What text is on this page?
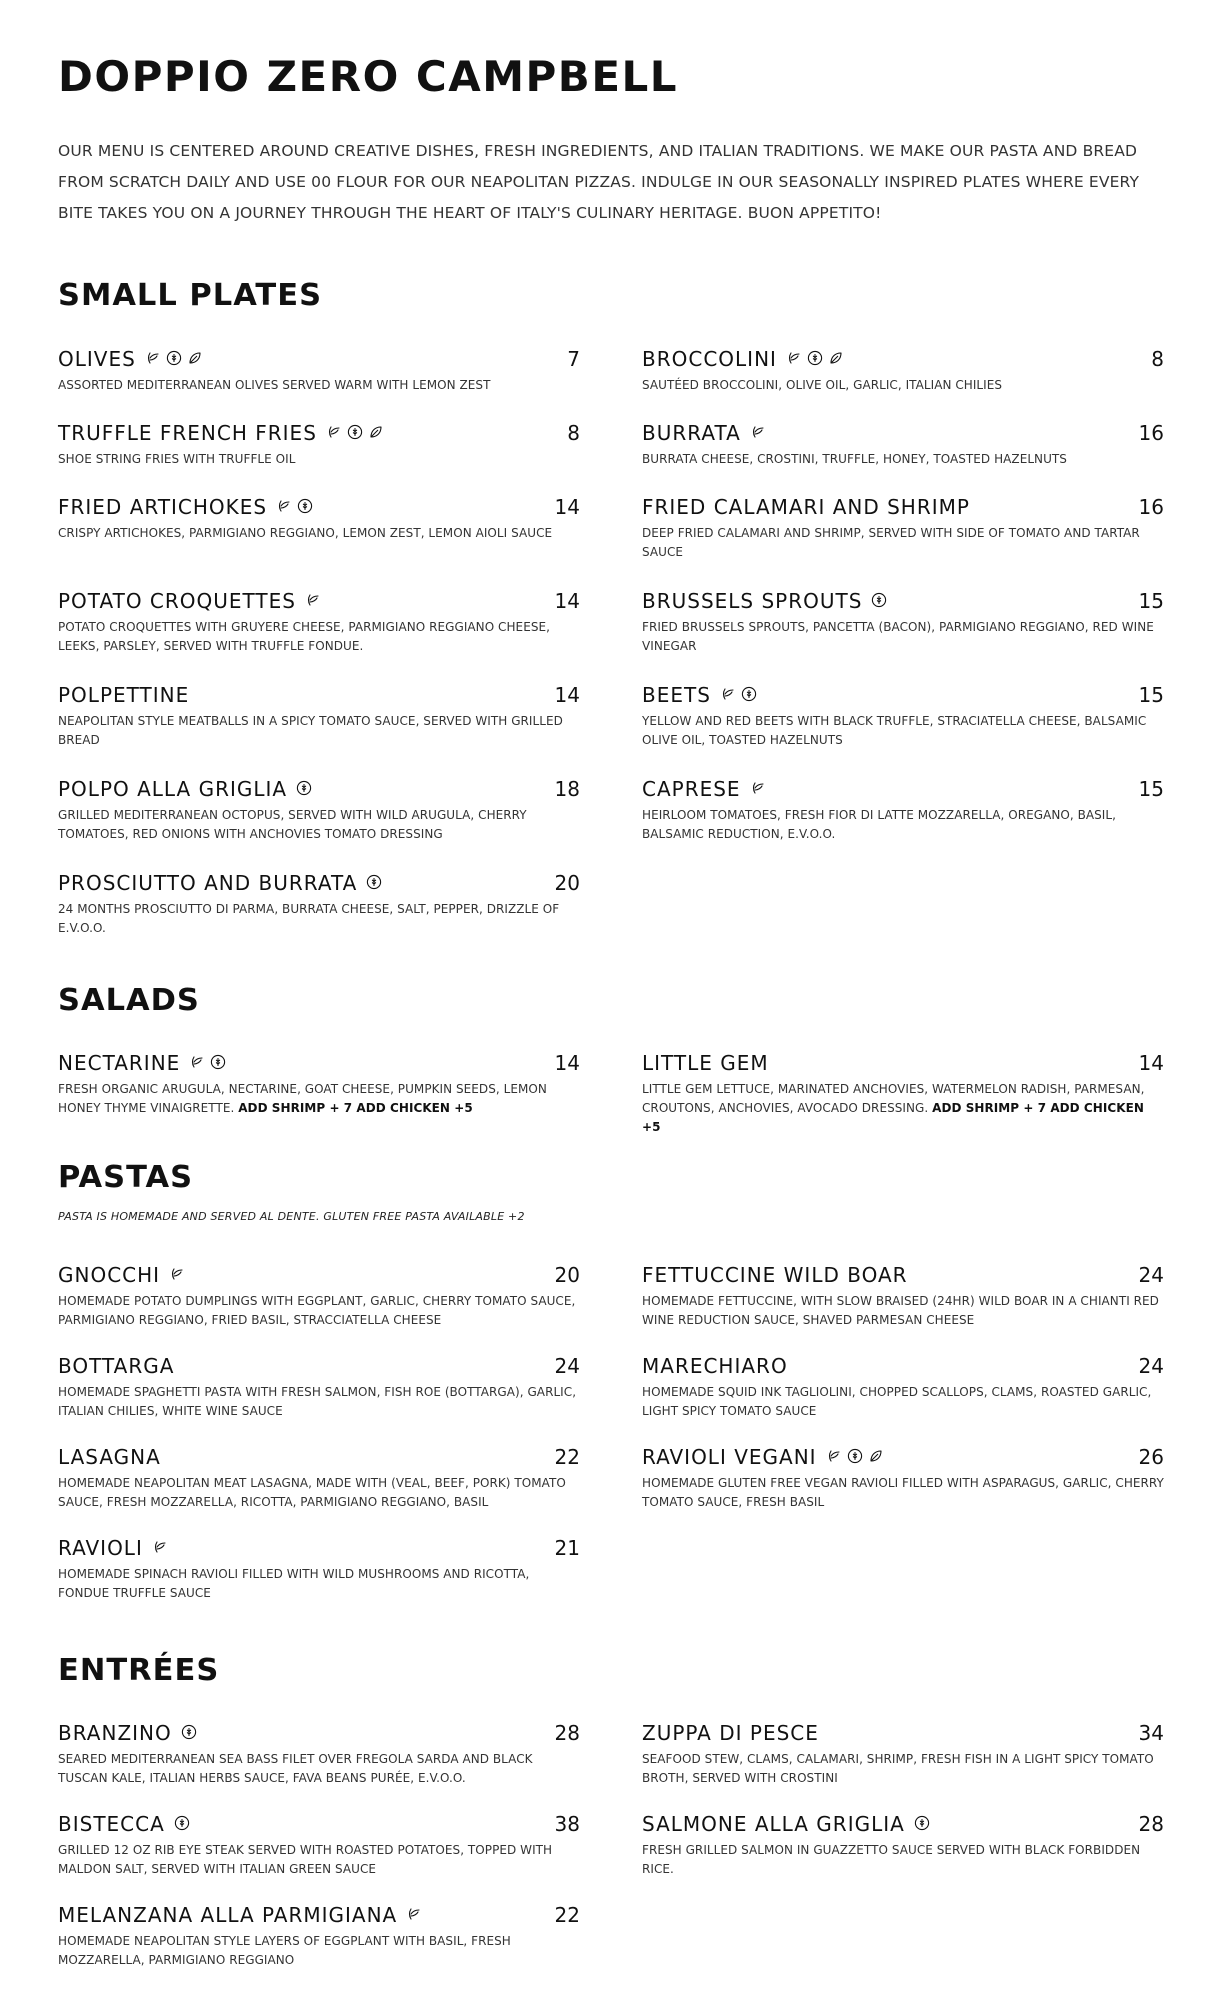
DOPPIO ZERO CAMPBELL

OUR MENU IS CENTERED AROUND CREATIVE DISHES, FRESH INGREDIENTS, AND ITALIAN TRADITIONS. WE MAKE OUR PASTA AND BREAD FROM SCRATCH DAILY AND USE 00 FLOUR FOR OUR NEAPOLITAN PIZZAS. INDULGE IN OUR SEASONALLY INSPIRED PLATES WHERE EVERY BITE TAKES YOU ON A JOURNEY THROUGH THE HEART OF ITALY'S CULINARY HERITAGE. BUON APPETITO!

SMALL PLATES
OLIVES	7
ASSORTED MEDITERRANEAN OLIVES SERVED WARM WITH LEMON ZEST
BROCCOLINI	8
SAUTÉED BROCCOLINI, OLIVE OIL, GARLIC, ITALIAN CHILIES
TRUFFLE FRENCH FRIES	8
SHOE STRING FRIES WITH TRUFFLE OIL
BURRATA	16
BURRATA CHEESE, CROSTINI, TRUFFLE, HONEY, TOASTED HAZELNUTS
FRIED ARTICHOKES	14
CRISPY ARTICHOKES, PARMIGIANO REGGIANO, LEMON ZEST, LEMON AIOLI SAUCE
FRIED CALAMARI AND SHRIMP	16
DEEP FRIED CALAMARI AND SHRIMP, SERVED WITH SIDE OF TOMATO AND TARTAR SAUCE
POTATO CROQUETTES	14
POTATO CROQUETTES WITH GRUYERE CHEESE, PARMIGIANO REGGIANO CHEESE, LEEKS, PARSLEY, SERVED WITH TRUFFLE FONDUE.
BRUSSELS SPROUTS	15
FRIED BRUSSELS SPROUTS, PANCETTA (BACON), PARMIGIANO REGGIANO, RED WINE VINEGAR
POLPETTINE	14
NEAPOLITAN STYLE MEATBALLS IN A SPICY TOMATO SAUCE, SERVED WITH GRILLED BREAD
BEETS	15
YELLOW AND RED BEETS WITH BLACK TRUFFLE, STRACIATELLA CHEESE, BALSAMIC OLIVE OIL, TOASTED HAZELNUTS
POLPO ALLA GRIGLIA	18
GRILLED MEDITERRANEAN OCTOPUS, SERVED WITH WILD ARUGULA, CHERRY TOMATOES, RED ONIONS WITH ANCHOVIES TOMATO DRESSING
CAPRESE	15
HEIRLOOM TOMATOES, FRESH FIOR DI LATTE MOZZARELLA, OREGANO, BASIL, BALSAMIC REDUCTION, E.V.O.O.
PROSCIUTTO AND BURRATA	20
24 MONTHS PROSCIUTTO DI PARMA, BURRATA CHEESE, SALT, PEPPER, DRIZZLE OF E.V.O.O.
SALADS
NECTARINE	14
FRESH ORGANIC ARUGULA, NECTARINE, GOAT CHEESE, PUMPKIN SEEDS, LEMON HONEY THYME VINAIGRETTE. ADD SHRIMP + 7 ADD CHICKEN +5
LITTLE GEM	14
LITTLE GEM LETTUCE, MARINATED ANCHOVIES, WATERMELON RADISH, PARMESAN, CROUTONS, ANCHOVIES, AVOCADO DRESSING. ADD SHRIMP + 7 ADD CHICKEN +5
PASTAS
PASTA IS HOMEMADE AND SERVED AL DENTE. GLUTEN FREE PASTA AVAILABLE +2
GNOCCHI	20
HOMEMADE POTATO DUMPLINGS WITH EGGPLANT, GARLIC, CHERRY TOMATO SAUCE, PARMIGIANO REGGIANO, FRIED BASIL, STRACCIATELLA CHEESE
FETTUCCINE WILD BOAR	24
HOMEMADE FETTUCCINE, WITH SLOW BRAISED (24HR) WILD BOAR IN A CHIANTI RED WINE REDUCTION SAUCE, SHAVED PARMESAN CHEESE
BOTTARGA	24
HOMEMADE SPAGHETTI PASTA WITH FRESH SALMON, FISH ROE (BOTTARGA), GARLIC, ITALIAN CHILIES, WHITE WINE SAUCE
MARECHIARO	24
HOMEMADE SQUID INK TAGLIOLINI, CHOPPED SCALLOPS, CLAMS, ROASTED GARLIC, LIGHT SPICY TOMATO SAUCE
LASAGNA	22
HOMEMADE NEAPOLITAN MEAT LASAGNA, MADE WITH (VEAL, BEEF, PORK) TOMATO SAUCE, FRESH MOZZARELLA, RICOTTA, PARMIGIANO REGGIANO, BASIL
RAVIOLI VEGANI	26
HOMEMADE GLUTEN FREE VEGAN RAVIOLI FILLED WITH ASPARAGUS, GARLIC, CHERRY TOMATO SAUCE, FRESH BASIL
RAVIOLI	21
HOMEMADE SPINACH RAVIOLI FILLED WITH WILD MUSHROOMS AND RICOTTA, FONDUE TRUFFLE SAUCE
ENTRÉES
BRANZINO	28
SEARED MEDITERRANEAN SEA BASS FILET OVER FREGOLA SARDA AND BLACK TUSCAN KALE, ITALIAN HERBS SAUCE, FAVA BEANS PURÉE, E.V.O.O.
ZUPPA DI PESCE	34
SEAFOOD STEW, CLAMS, CALAMARI, SHRIMP, FRESH FISH IN A LIGHT SPICY TOMATO BROTH, SERVED WITH CROSTINI
BISTECCA	38
GRILLED 12 OZ RIB EYE STEAK SERVED WITH ROASTED POTATOES, TOPPED WITH MALDON SALT, SERVED WITH ITALIAN GREEN SAUCE
SALMONE ALLA GRIGLIA	28
FRESH GRILLED SALMON IN GUAZZETTO SAUCE SERVED WITH BLACK FORBIDDEN RICE.
MELANZANA ALLA PARMIGIANA	22
HOMEMADE NEAPOLITAN STYLE LAYERS OF EGGPLANT WITH BASIL, FRESH MOZZARELLA, PARMIGIANO REGGIANO
